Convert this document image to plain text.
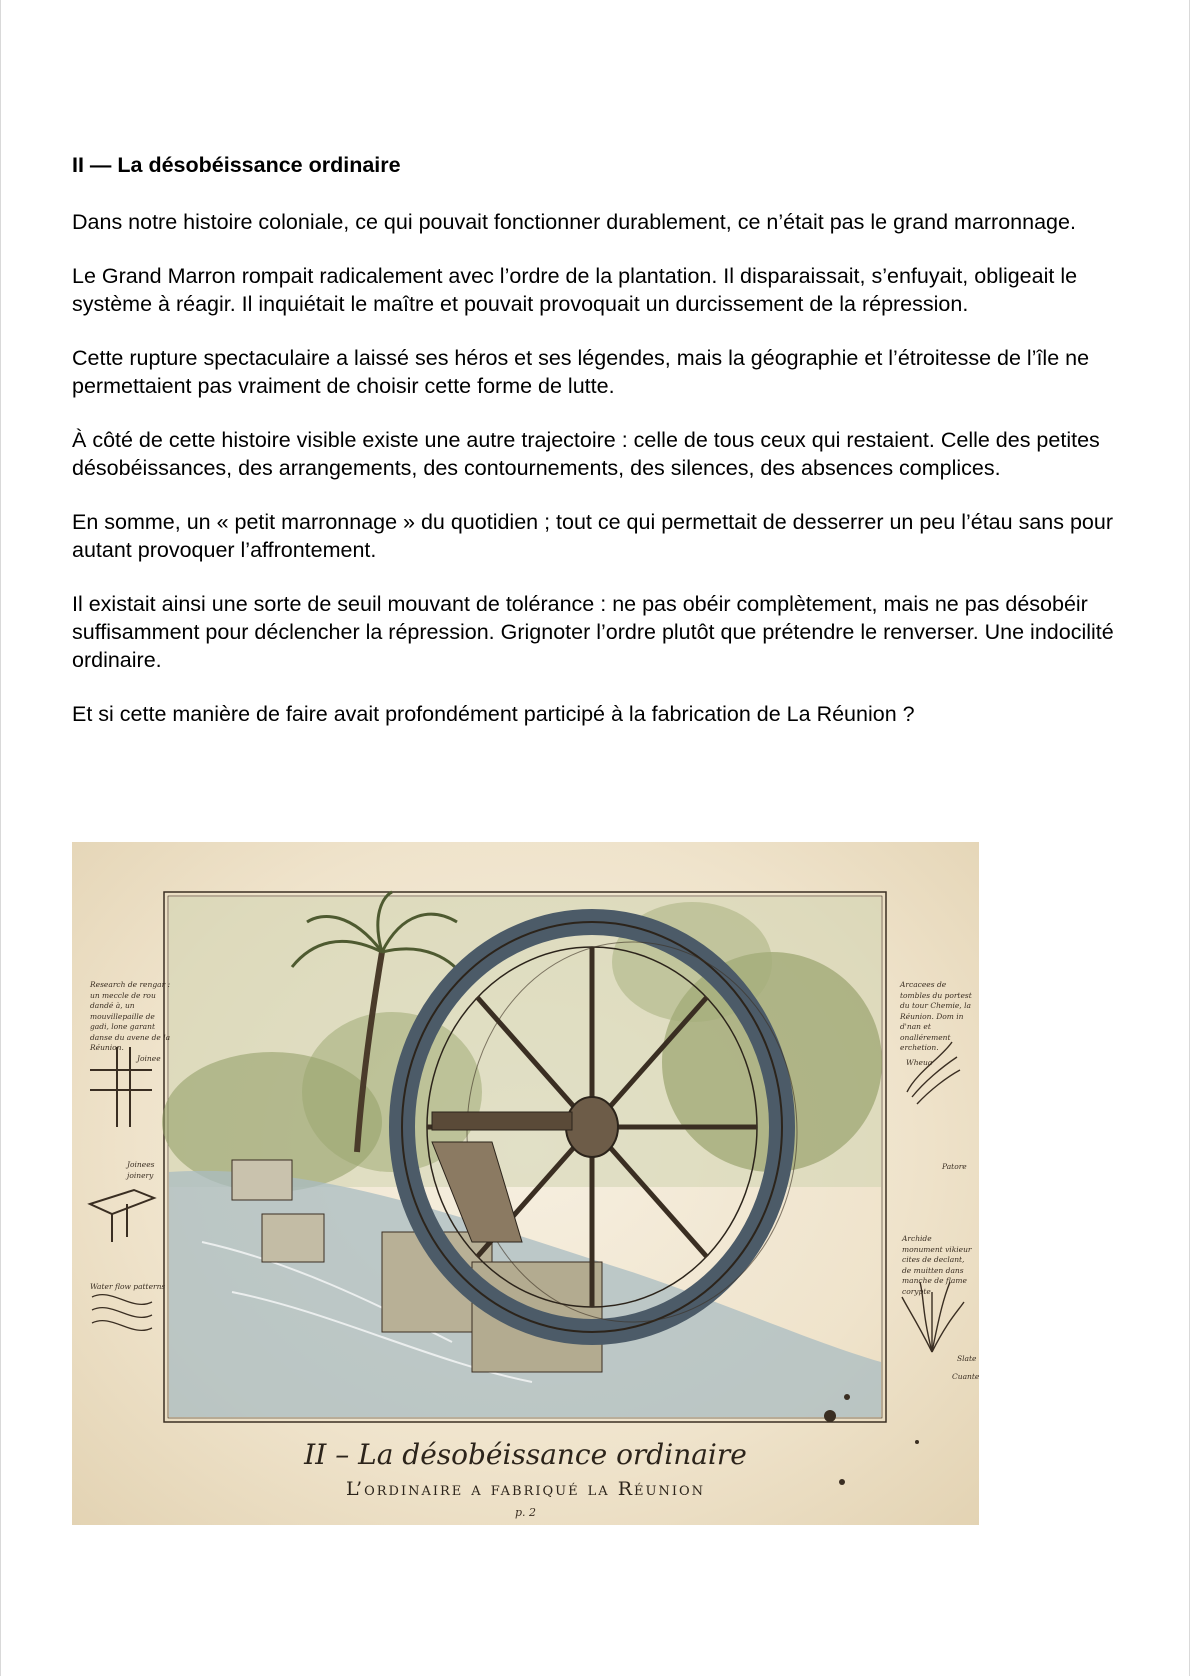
II — La désobéissance ordinaire

Dans notre histoire coloniale, ce qui pouvait fonctionner durablement, ce n’était pas le grand marronnage.

Le Grand Marron rompait radicalement avec l’ordre de la plantation. Il disparaissait, s’enfuyait, obligeait le système à réagir. Il inquiétait le maître et pouvait provoquait un durcissement de la répression.

Cette rupture spectaculaire a laissé ses héros et ses légendes, mais la géographie et l’étroitesse de l’île ne permettaient pas vraiment de choisir cette forme de lutte.

À côté de cette histoire visible existe une autre trajectoire : celle de tous ceux qui restaient. Celle des petites désobéissances, des arrangements, des contournements, des silences, des absences complices.

En somme, un « petit marronnage » du quotidien ; tout ce qui permettait de desserrer un peu l’étau sans pour autant provoquer l’affrontement.

Il existait ainsi une sorte de seuil mouvant de tolérance : ne pas obéir complètement, mais ne pas désobéir suffisamment pour déclencher la répression. Grignoter l’ordre plutôt que prétendre le renverser. Une indocilité ordinaire.

Et si cette manière de faire avait profondément participé à la fabrication de La Réunion ?

Research de rengar : un meccle de rou dandé à, un mouvillepaille de gadi, lone garant danse du avene de la Réunion.
Joinee
Joinees joinery
Water flow patterns
Arcacees de tombles du portest du tour Chemie, la Réunion. Dom in d'nan et onallérement erchetion.
Wheua
Patore
Archide monument vikieur cites de declant, de muitten dans manche de flame corypte.
Slate
Cuante
II – La désobéissance ordinaire
L’ordinaire a fabriqué la Réunion
p. 2
